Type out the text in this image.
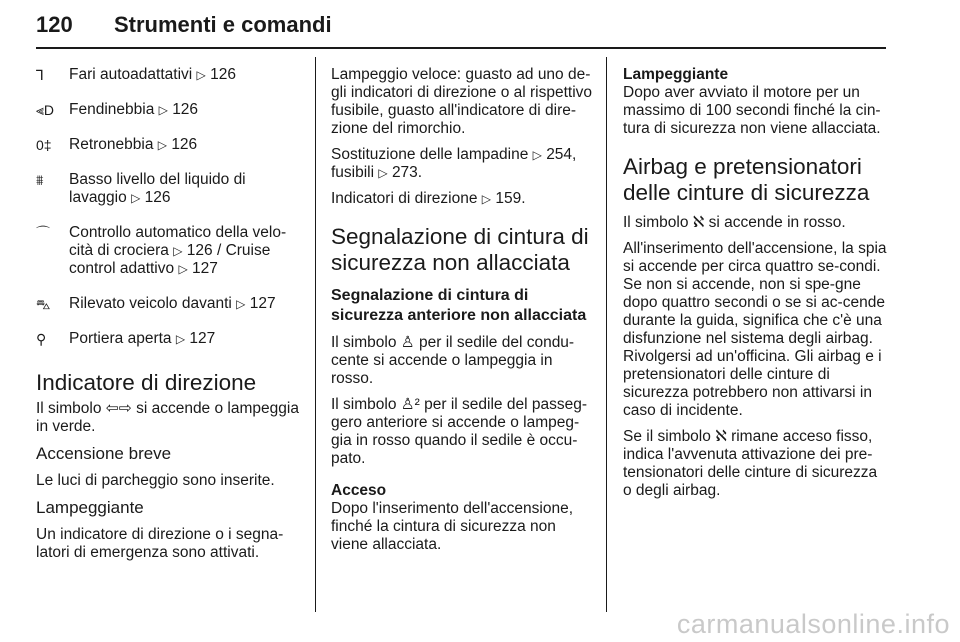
120 Strumenti e comandi
Ꞁ	Fari autoadattativi ▷ 126
⫷D Fendinebbia ▷ 126
0‡	Retronebbia ▷ 126
⩩	Basso livello del liquido di lavaggio ▷ 126
⌒	Controllo automatico della velo-
cità di crociera ▷ 126 / Cruise
control adattivo ▷ 127
⛍	Rilevato veicolo davanti ▷ 127
⚲	Portiera aperta ▷ 127
Indicatore di direzione

Il simbolo ⇦⇨ si accende o lampeggia in verde.

Accensione breve

Le luci di parcheggio sono inserite.

Lampeggiante

Un indicatore di direzione o i segna-latori di emergenza sono attivati.

Lampeggio veloce: guasto ad uno de-gli indicatori di direzione o al rispettivo fusibile, guasto all'indicatore di dire-zione del rimorchio.

Sostituzione delle lampadine ▷ 254,
fusibili ▷ 273.

Indicatori di direzione ▷ 159.

Segnalazione di cintura di sicurezza non allacciata
Segnalazione di cintura di sicurezza anteriore non allacciata

Il simbolo ♙ per il sedile del condu-cente si accende o lampeggia in rosso.

Il simbolo ♙² per il sedile del passeg-gero anteriore si accende o lampeg-gia in rosso quando il sedile è occu-pato.

Acceso

Dopo l'inserimento dell'accensione, finché la cintura di sicurezza non viene allacciata.

Lampeggiante

Dopo aver avviato il motore per un massimo di 100 secondi finché la cin-tura di sicurezza non viene allacciata.

Airbag e pretensionatori delle cinture di sicurezza

Il simbolo ℵ si accende in rosso.

All'inserimento dell'accensione, la spia si accende per circa quattro se-condi. Se non si accende, non si spe-gne dopo quattro secondi o se si ac-cende durante la guida, significa che c'è una disfunzione nel sistema degli airbag. Rivolgersi ad un'officina. Gli airbag e i pretensionatori delle cinture di sicurezza potrebbero non attivarsi in caso di incidente.

Se il simbolo ℵ rimane acceso fisso, indica l'avvenuta attivazione dei pre-tensionatori delle cinture di sicurezza o degli airbag.

carmanualsonline.info
